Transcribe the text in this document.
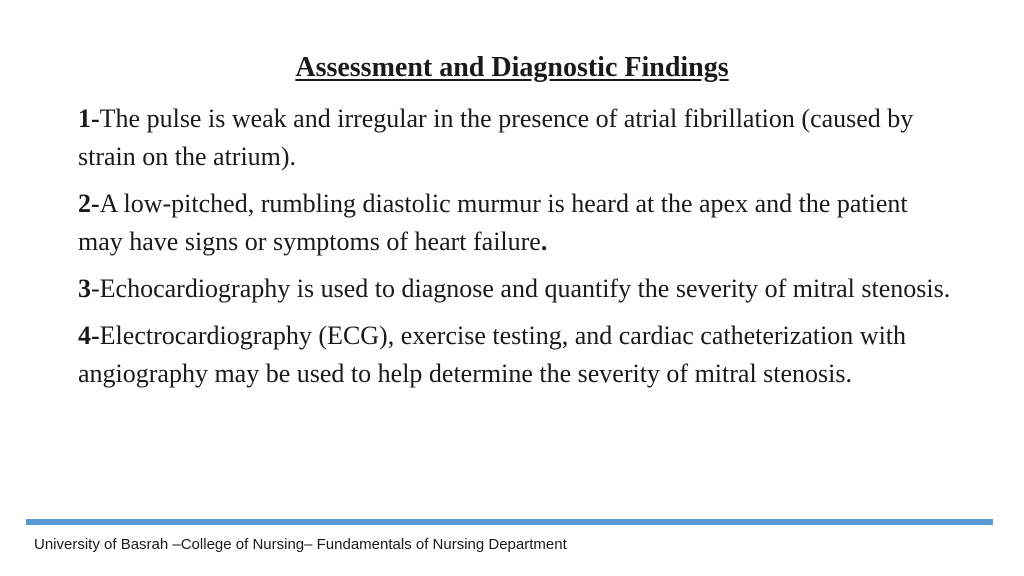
Assessment and Diagnostic Findings

1-The pulse is weak and irregular in the presence of atrial fibrillation (caused by strain on the atrium).

2-A low-pitched, rumbling diastolic murmur is heard at the apex and the patient may have signs or symptoms of heart failure.

3-Echocardiography is used to diagnose and quantify the severity of mitral stenosis.

4-Electrocardiography (ECG), exercise testing, and cardiac catheterization with angiography may be used to help determine the severity of mitral stenosis.

University of Basrah –College of Nursing– Fundamentals of Nursing Department
